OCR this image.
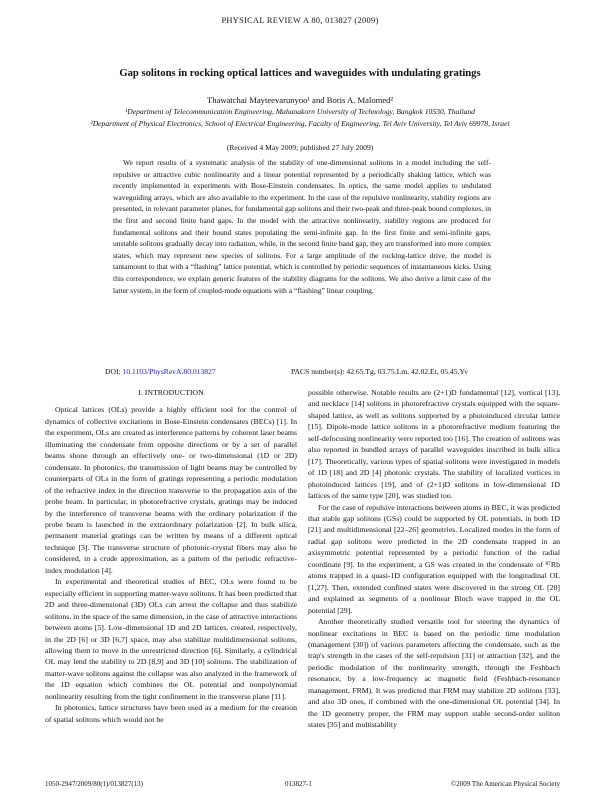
PHYSICAL REVIEW A 80, 013827 (2009)
Gap solitons in rocking optical lattices and waveguides with undulating gratings
Thawatchai Mayteevarunyoo¹ and Boris A. Malomed²
¹Department of Telecommunication Engineering, Mahanakorn University of Technology, Bangkok 10530, Thailand
²Department of Physical Electronics, School of Electrical Engineering, Faculty of Engineering, Tel Aviv University, Tel Aviv 69978, Israel
(Received 4 May 2009; published 27 July 2009)

We report results of a systematic analysis of the stability of one-dimensional solitons in a model including the self-repulsive or attractive cubic nonlinearity and a linear potential represented by a periodically shaking lattice, which was recently implemented in experiments with Bose-Einstein condensates. In optics, the same model applies to undulated waveguiding arrays, which are also available to the experiment. In the case of the repulsive nonlinearity, stability regions are presented, in relevant parameter planes, for fundamental gap solitons and their two-peak and three-peak bound complexes, in the first and second finite band gaps. In the model with the attractive nonlinearity, stability regions are produced for fundamental solitons and their bound states populating the semi-infinite gap. In the first finite and semi-infinite gaps, unstable solitons gradually decay into radiation, while, in the second finite band gap, they are transformed into more complex states, which may represent new species of solitons. For a large amplitude of the rocking-lattice drive, the model is tantamount to that with a “flashing” lattice potential, which is controlled by periodic sequences of instantaneous kicks. Using this correspondence, we explain generic features of the stability diagrams for the solitons. We also derive a limit case of the latter system, in the form of coupled-mode equations with a “flashing” linear coupling.

DOI: 10.1103/PhysRevA.80.013827	PACS number(s): 42.65.Tg, 03.75.Lm, 42.82.Et, 05.45.Yv
I. INTRODUCTION

Optical lattices (OLs) provide a highly efficient tool for the control of dynamics of collective excitations in Bose-Einstein condensates (BECs) [1]. In the experiment, OLs are created as interference patterns by coherent laser beams illuminating the condensate from opposite directions or by a set of parallel beams shone through an effectively one- or two-dimensional (1D or 2D) condensate. In photonics, the transmission of light beams may be controlled by counterparts of OLs in the form of gratings representing a periodic modulation of the refractive index in the direction transverse to the propagation axis of the probe beam. In particular, in photorefractive crystals, gratings may be induced by the interference of transverse beams with the ordinary polarization if the probe beam is launched in the extraordinary polarization [2]. In bulk silica, permanent material gratings can be written by means of a different optical technique [3]. The transverse structure of photonic-crystal fibers may also be considered, in a crude approximation, as a pattern of the periodic refractive-index modulation [4].

In experimental and theoretical studies of BEC, OLs were found to be especially efficient in supporting matter-wave solitons. It has been predicted that 2D and three-dimensional (3D) OLs can arrest the collapse and thus stabilize solitons, in the space of the same dimension, in the case of attractive interactions between atoms [5]. Low-dimensional 1D and 2D lattices, created, respectively, in the 2D [6] or 3D [6,7] space, may also stabilize multidimensional solitons, allowing them to move in the unrestricted direction [6]. Similarly, a cylindrical OL may lend the stability to 2D [8,9] and 3D [10] solitons. The stabilization of matter-wave solitons against the collapse was also analyzed in the framework of the 1D equation which combines the OL potential and nonpolynomial nonlinearity resulting from the tight confinement in the transverse plane [11].

In photonics, lattice structures have been used as a medium for the creation of spatial solitons which would not be

possible otherwise. Notable results are (2+1)D fundamental [12], vortical [13], and necklace [14] solitons in photorefractive crystals equipped with the square-shaped lattice, as well as solitons supported by a photoinduced circular lattice [15]. Dipole-mode lattice solitons in a photorefractive medium featuring the self-defocusing nonlinearity were reported too [16]. The creation of solitons was also reported in bundled arrays of parallel waveguides inscribed in bulk silica [17]. Theoretically, various types of spatial solitons were investigated in models of 1D [18] and 2D [4] photonic crystals. The stability of localized vortices in photoinduced lattices [19], and of (2+1)D solitons in low-dimensional 1D lattices of the same type [20], was studied too.

For the case of repulsive interactions between atoms in BEC, it was predicted that stable gap solitons (GSs) could be supported by OL potentials, in both 1D [21] and multidimensional [22–26] geometries. Localized modes in the form of radial gap solitons were predicted in the 2D condensate trapped in an axisymmetric potential represented by a periodic function of the radial coordinate [9]. In the experiment, a GS was created in the condensate of ⁸⁷Rb atoms trapped in a quasi-1D configuration equipped with the longitudinal OL [1,27]. Then, extended confined states were discovered in the strong OL [28] and explained as segments of a nonlinear Bloch wave trapped in the OL potential [29].

Another theoretically studied versatile tool for steering the dynamics of nonlinear excitations in BEC is based on the periodic time modulation (management [30]) of various parameters affecting the condensate, such as the trap's strength in the cases of the self-repulsion [31] or attraction [32], and the periodic modulation of the nonlinearity strength, through the Feshbach resonance, by a low-frequency ac magnetic field (Feshbach-resonance management, FRM). It was predicted that FRM may stabilize 2D solitons [33], and also 3D ones, if combined with the one-dimensional OL potential [34]. In the 1D geometry proper, the FRM may support stable second-order soliton states [35] and multistability

1050-2947/2009/80(1)/013827(13)	013827-1	©2009 The American Physical Society
